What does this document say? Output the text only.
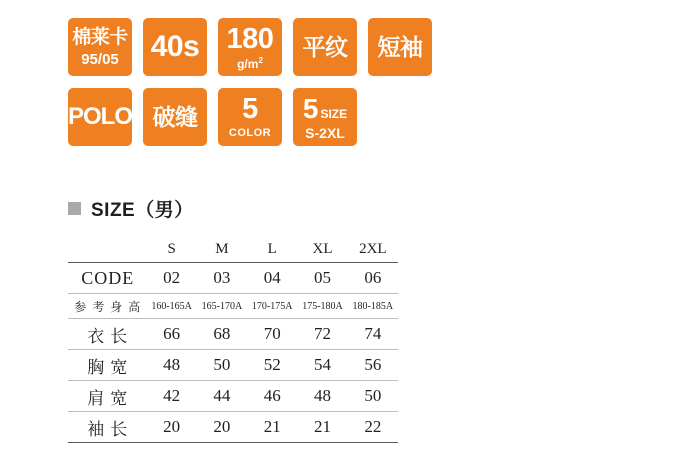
棉莱卡
95/05 40s 180
$g/m^2$
平纹 短袖
POLO 破缝 5
COLOR
5 SIZE
S-2XL
SIZE（男）
	S	M	L	XL	2XL

CODE	02	03	04	05	06
参考身高	160-165A	165-170A	170-175A	175-180A	180-185A
衣长	66	68	70	72	74
胸宽	48	50	52	54	56
肩宽	42	44	46	48	50
袖长	20	20	21	21	22
